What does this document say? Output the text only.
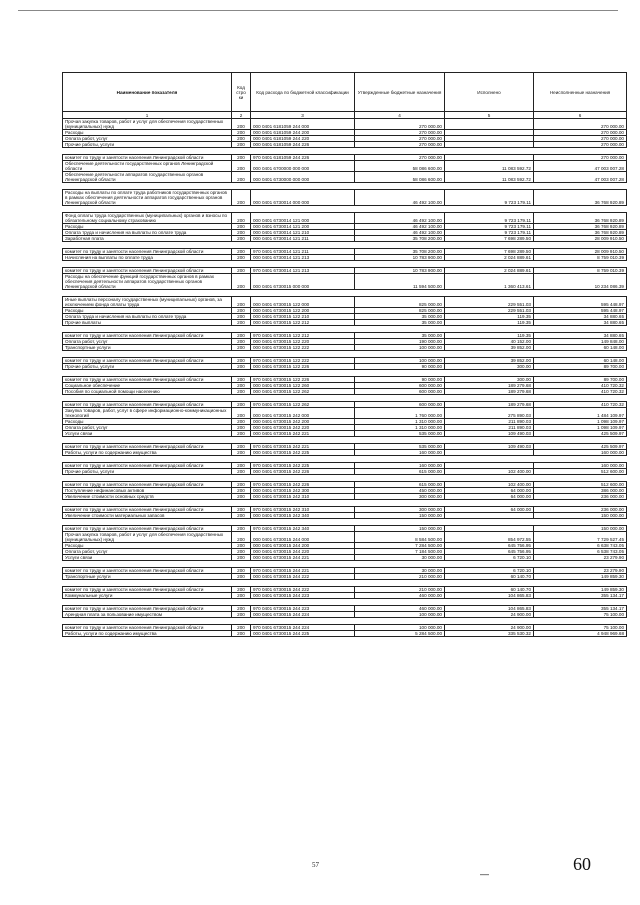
Наименование показателя	Код стро ки	Код расхода по бюджетной классификации	Утвержденные бюджетные назначения	Исполнено	Неисполненные назначения
1	2	3	4	5	6
Прочая закупка товаров, работ и услуг для обеспечения государственных (муниципальных) нужд	200	000 0401 6181059 244 000	270 000.00		270 000.00
Расходы	200	000 0401 6181059 244 200	270 000.00		270 000.00
Оплата работ, услуг	200	000 0401 6181059 244 220	270 000.00		270 000.00
Прочие работы, услуги	200	000 0401 6181059 244 226	270 000.00		270 000.00

комитет по труду и занятости населения Ленинградской области	200	970 0401 6181059 244 226	270 000.00		270 000.00
Обеспечение деятельности государственных органов Ленинградской области	200	000 0401 6700000 000 000	58 086 600.00	11 083 592.72	47 003 007.28
Обеспечение деятельности аппаратов государственных органов Ленинградской области	200	000 0401 6730000 000 000	58 086 600.00	11 083 592.72	47 003 007.28

Расходы на выплаты по оплате труда работников государственных органов в рамках обеспечения деятельности аппаратов государственных органов Ленинградской области	200	000 0401 6730014 000 000	46 492 100.00	9 723 179.11	36 768 920.89

Фонд оплаты труда государственных (муниципальных) органов и взносы по обязательному социальному страхованию	200	000 0401 6730014 121 000	46 492 100.00	9 723 179.11	36 768 920.89
Расходы	200	000 0401 6730014 121 200	46 492 100.00	9 723 179.11	36 768 920.89
Оплата труда и начисления на выплаты по оплате труда	200	000 0401 6730014 121 210	46 492 100.00	9 723 179.11	36 768 920.89
Заработная плата	200	000 0401 6730014 121 211	35 708 200.00	7 698 289.50	28 009 910.50

комитет по труду и занятости населения Ленинградской области	200	970 0401 6730014 121 211	35 708 200.00	7 698 289.50	28 009 910.50
Начисления на выплаты по оплате труда	200	000 0401 6730014 121 213	10 783 900.00	2 024 889.61	8 759 010.39

комитет по труду и занятости населения Ленинградской области	200	970 0401 6730014 121 213	10 783 900.00	2 024 889.61	8 759 010.39
Расходы на обеспечение функций государственных органов в рамках обеспечения деятельности аппаратов государственных органов Ленинградской области	200	000 0401 6730015 000 000	11 594 500.00	1 360 413.61	10 234 086.39

Иные выплаты персоналу государственных (муниципальных) органов, за исключением фонда оплаты труда	200	000 0401 6730015 122 000	825 000.00	229 551.03	595 448.97
Расходы	200	000 0401 6730015 122 200	825 000.00	229 551.03	595 448.97
Оплата труда и начисления на выплаты по оплате труда	200	000 0401 6730015 122 210	35 000.00	119.35	34 880.65
Прочие выплаты	200	000 0401 6730015 122 212	35 000.00	119.35	34 880.65

комитет по труду и занятости населения Ленинградской области	200	970 0401 6730015 122 212	35 000.00	119.35	34 880.65
Оплата работ, услуг	200	000 0401 6730015 122 220	190 000.00	40 152.00	149 848.00
Транспортные услуги	200	000 0401 6730015 122 222	100 000.00	39 852.00	60 148.00

комитет по труду и занятости населения Ленинградской области	200	970 0401 6730015 122 222	100 000.00	39 852.00	60 148.00
Прочие работы, услуги	200	000 0401 6730015 122 226	90 000.00	300.00	89 700.00

комитет по труду и занятости населения Ленинградской области	200	970 0401 6730015 122 226	90 000.00	300.00	89 700.00
Социальное обеспечение	200	000 0401 6730015 122 260	600 000.00	189 279.68	410 720.32
Пособия по социальной помощи населению	200	000 0401 6730015 122 262	600 000.00	189 279.68	410 720.32

комитет по труду и занятости населения Ленинградской области	200	970 0401 6730015 122 262	600 000.00	189 279.68	410 720.32
Закупка товаров, работ, услуг в сфере информационно-коммуникационных технологий	200	000 0401 6730015 242 000	1 760 000.00	275 890.03	1 484 109.97
Расходы	200	000 0401 6730015 242 200	1 310 000.00	211 890.03	1 098 109.97
Оплата работ, услуг	200	000 0401 6730015 242 220	1 310 000.00	211 890.03	1 098 109.97
Услуги связи	200	000 0401 6730015 242 221	535 000.00	109 490.03	425 509.97

комитет по труду и занятости населения Ленинградской области	200	970 0401 6730015 242 221	535 000.00	109 490.03	425 509.97
Работы, услуги по содержанию имущества	200	000 0401 6730015 242 225	160 000.00		160 000.00

комитет по труду и занятости населения Ленинградской области	200	970 0401 6730015 242 225	160 000.00		160 000.00
Прочие работы, услуги	200	000 0401 6730015 242 226	615 000.00	102 400.00	512 600.00

комитет по труду и занятости населения Ленинградской области	200	970 0401 6730015 242 226	615 000.00	102 400.00	512 600.00
Поступление нефинансовых активов	200	000 0401 6730015 242 300	450 000.00	64 000.00	386 000.00
Увеличение стоимости основных средств	200	000 0401 6730015 242 310	300 000.00	64 000.00	236 000.00

комитет по труду и занятости населения Ленинградской области	200	970 0401 6730015 242 310	300 000.00	64 000.00	236 000.00
Увеличение стоимости материальных запасов	200	000 0401 6730015 242 340	150 000.00		150 000.00

комитет по труду и занятости населения Ленинградской области	200	970 0401 6730015 242 340	150 000.00		150 000.00
Прочая закупка товаров, работ и услуг для обеспечения государственных (муниципальных) нужд	200	000 0401 6730015 244 000	8 584 500.00	854 972.55	7 729 527.45
Расходы	200	000 0401 6730015 244 200	7 284 500.00	645 756.95	6 638 743.05
Оплата работ, услуг	200	000 0401 6730015 244 220	7 184 500.00	645 756.95	6 538 743.05
Услуги связи	200	000 0401 6730015 244 221	30 000.00	6 720.10	23 279.90

комитет по труду и занятости населения Ленинградской области	200	970 0401 6730015 244 221	30 000.00	6 720.10	23 279.90
Транспортные услуги	200	000 0401 6730015 244 222	210 000.00	60 140.70	149 859.30

комитет по труду и занятости населения Ленинградской области	200	970 0401 6730015 244 222	210 000.00	60 140.70	149 859.30
Коммунальные услуги	200	000 0401 6730015 244 223	460 000.00	104 865.83	355 134.17

комитет по труду и занятости населения Ленинградской области	200	970 0401 6730015 244 223	460 000.00	104 865.83	355 134.17
Арендная плата за пользование имуществом	200	000 0401 6730015 244 224	100 000.00	24 900.00	75 100.00

комитет по труду и занятости населения Ленинградской области	200	970 0401 6730015 244 224	100 000.00	24 900.00	75 100.00
Работы, услуги по содержанию имущества	200	000 0401 6730015 244 225	5 284 500.00	335 530.32	4 948 969.68
—
57	60
